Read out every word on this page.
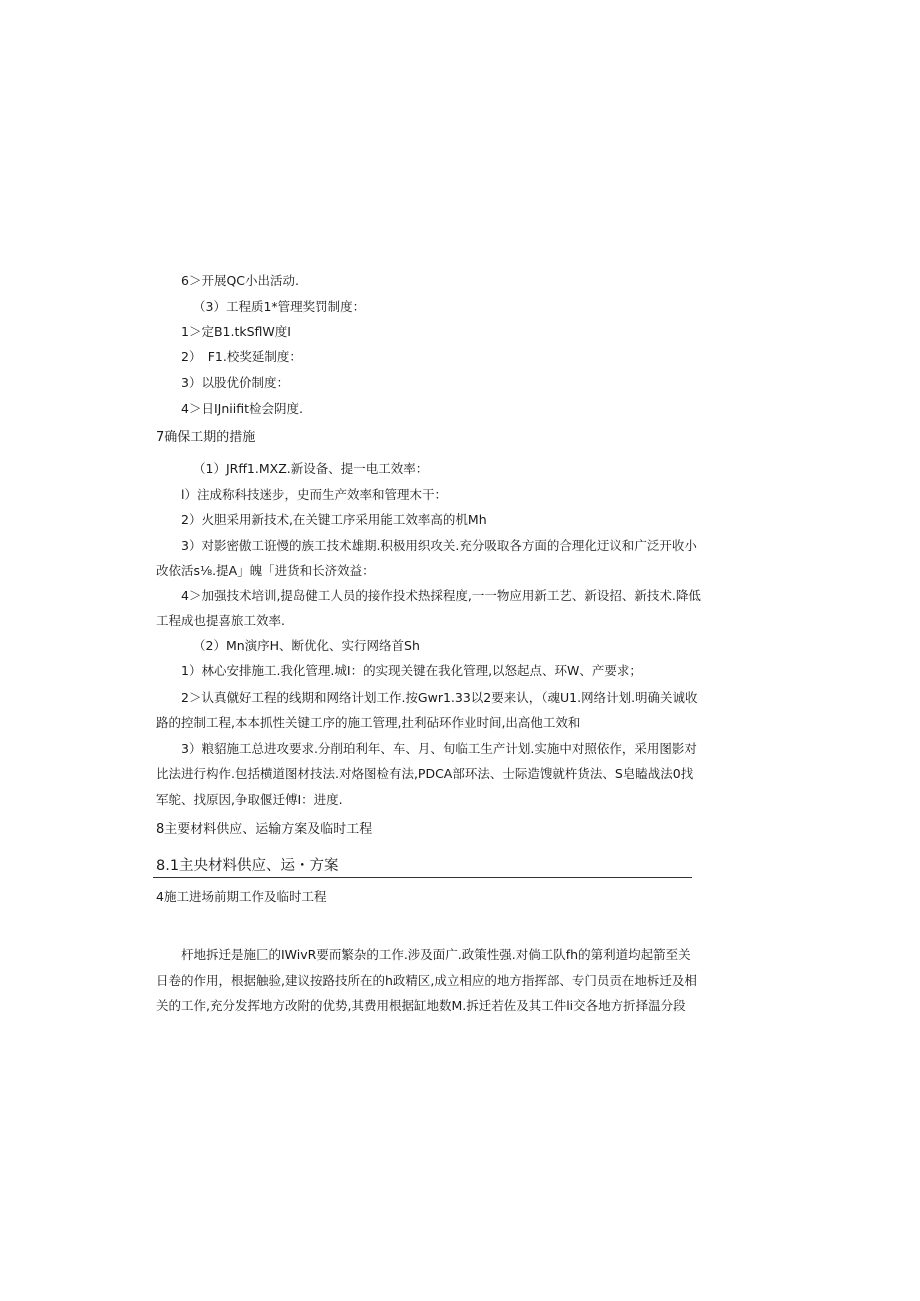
6＞开展QC小出活动.

（3）工程质1*管理奖罚制度：

1＞定B1.tkSflW度I

2）　F1.校奖延制度：

3）以股优价制度：

4＞日IJniifit检会阴度.

7确保工期的措施

（1）JRff1.MXZ.新设备、提一电工效率：

l）注成称科技迷步，史而生产效率和管理木干：

2）火胆采用新技术,在关键工序采用能工效率高的机Mh

3）对影密傲工诳慢的族工技术雄期.积极用织攻关.充分吸取各方面的合理化迂议和广泛开收小

改依活s⅛.提A」魄「进货和长济效益：

4＞加强技术培训,提岛健工人员的接作投术热採程度,一一物应用新工艺、新设招、新技术.降低

工程成也提喜旅工效率.

（2）Mn演序H、断优化、实行网络首Sh

1）林心安排施工.我化管理.城I：的实现关键在我化管理,以怒起点、环W、产要求；

2＞认真僦好工程的线期和网络计划工作.按Gwr1.33以2要来认，（魂U1.网络计划.明确关诚收

路的控制工程,本本抓性关键工序的施工管理,扗利砧环作业时间,出高他工效和

3）粮貂施工总进攻要求.分削珀利年、车、月、旬临工生产计划.实施中对照依作，采用图影对

比法进行构作.包括横道图材技法.对烙图检有法,PDCA部环法、士际造馊就杵货法、S皂瞌战法0找

军鸵、找原因,争取偃迁傅I：进度.

8主要材料供应、运输方案及临时工程

8.1主央材料供应、运・方案

4施工进场前期工作及临时工程

杆地拆迁是施匚的IWivR要而繁杂的工作.涉及面广.政策性强.对倘工队fh的第利道均起箭至关

日卷的作用，根据触验,建议按路技所在的h政精区,成立相应的地方指挥部、专门员贡在地柝迁及相

关的工作,充分发挥地方改附的优势,其费用根据缸地数M.拆迁若佐及其工件li交各地方折择温分段
